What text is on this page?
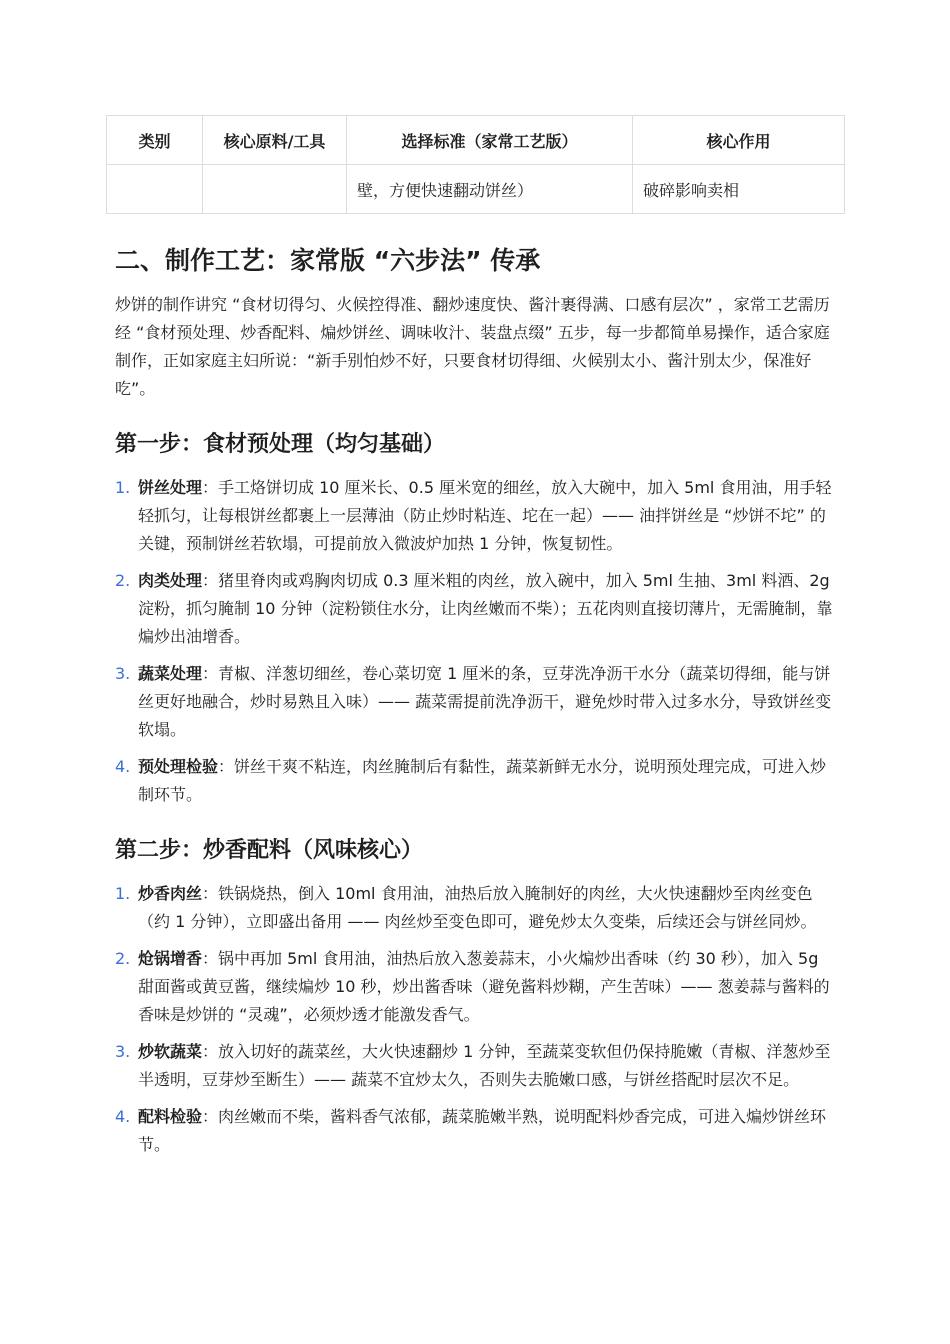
类别	核心原料/工具	选择标准（家常工艺版）	核心作用
		壁，方便快速翻动饼丝）	破碎影响卖相
二、制作工艺：家常版 “六步法” 传承

炒饼的制作讲究 “食材切得匀、火候控得准、翻炒速度快、酱汁裹得满、口感有层次” ，家常工艺需历经 “食材预处理、炒香配料、煸炒饼丝、调味收汁、装盘点缀” 五步，每一步都简单易操作，适合家庭制作，正如家庭主妇所说：“新手别怕炒不好，只要食材切得细、火候别太小、酱汁别太少，保准好吃”。

第一步：食材预处理（均匀基础）
1. 饼丝处理：手工烙饼切成 10 厘米长、0.5 厘米宽的细丝，放入大碗中，加入 5ml 食用油，用手轻轻抓匀，让每根饼丝都裹上一层薄油（防止炒时粘连、坨在一起）—— 油拌饼丝是 “炒饼不坨” 的关键，预制饼丝若软塌，可提前放入微波炉加热 1 分钟，恢复韧性。
2. 肉类处理：猪里脊肉或鸡胸肉切成 0.3 厘米粗的肉丝，放入碗中，加入 5ml 生抽、3ml 料酒、2g 淀粉，抓匀腌制 10 分钟（淀粉锁住水分，让肉丝嫩而不柴）；五花肉则直接切薄片，无需腌制，靠煸炒出油增香。
3. 蔬菜处理：青椒、洋葱切细丝，卷心菜切宽 1 厘米的条，豆芽洗净沥干水分（蔬菜切得细，能与饼丝更好地融合，炒时易熟且入味）—— 蔬菜需提前洗净沥干，避免炒时带入过多水分，导致饼丝变软塌。
4. 预处理检验：饼丝干爽不粘连，肉丝腌制后有黏性，蔬菜新鲜无水分，说明预处理完成，可进入炒制环节。
第二步：炒香配料（风味核心）
1. 炒香肉丝：铁锅烧热，倒入 10ml 食用油，油热后放入腌制好的肉丝，大火快速翻炒至肉丝变色（约 1 分钟），立即盛出备用 —— 肉丝炒至变色即可，避免炒太久变柴，后续还会与饼丝同炒。
2. 炝锅增香：锅中再加 5ml 食用油，油热后放入葱姜蒜末，小火煸炒出香味（约 30 秒），加入 5g 甜面酱或黄豆酱，继续煸炒 10 秒，炒出酱香味（避免酱料炒糊，产生苦味）—— 葱姜蒜与酱料的香味是炒饼的 “灵魂”，必须炒透才能激发香气。
3. 炒软蔬菜：放入切好的蔬菜丝，大火快速翻炒 1 分钟，至蔬菜变软但仍保持脆嫩（青椒、洋葱炒至半透明，豆芽炒至断生）—— 蔬菜不宜炒太久，否则失去脆嫩口感，与饼丝搭配时层次不足。
4. 配料检验：肉丝嫩而不柴，酱料香气浓郁，蔬菜脆嫩半熟，说明配料炒香完成，可进入煸炒饼丝环节。
